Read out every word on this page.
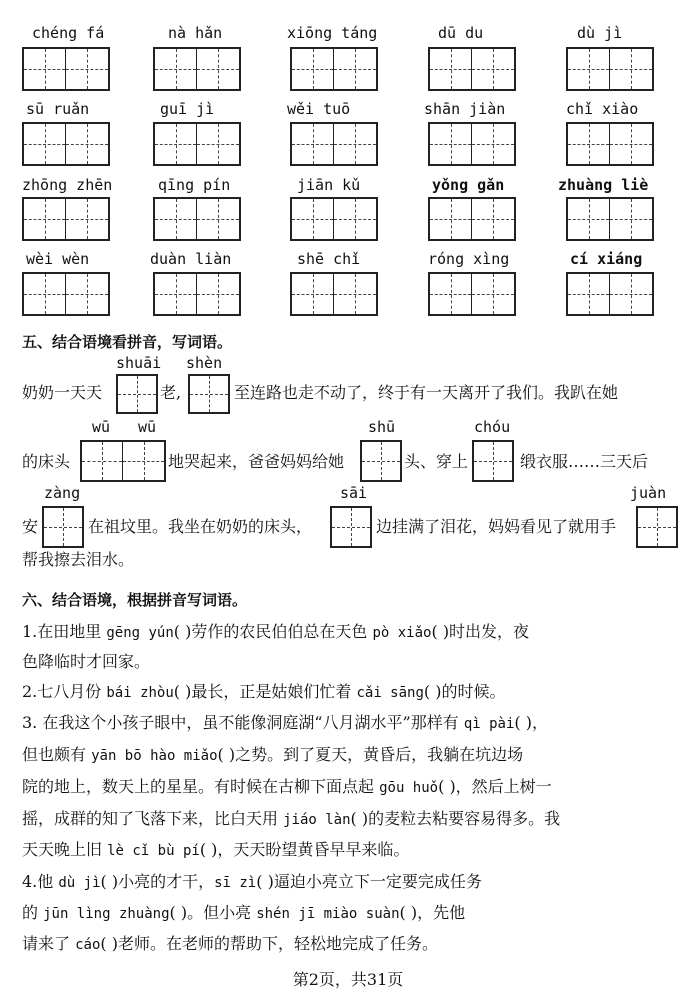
chéng fá	nà hǎn	xiōng táng	dū du	dù jì
sū ruǎn	guī jì	wěi tuō	shān jiàn	chǐ xiào
zhōng zhēn	qīng pín	jiān kǔ	yǒng gǎn	zhuàng liè
wèi wèn	duàn liàn	shē chǐ	róng xìng	cí xiáng
五、结合语境看拼音，写词语。
shuāi shèn
奶奶一天天	老,	至连路也走不动了，终于有一天离开了我们。我趴在她
wū wū	shū	chóu
的床头	地哭起来，爸爸妈妈给她	头、穿上	缎衣服……三天后
zàng	sāi	juàn
安	在祖坟里。我坐在奶奶的床头，	边挂满了泪花，妈妈看见了就用手
帮我擦去泪水。
六、结合语境，根据拼音写词语。
1.在田地里 gēng yún( )劳作的农民伯伯总在天色 pò xiǎo( )时出发，夜
色降临时才回家。
2.七八月份 bái zhòu( )最长，正是姑娘们忙着 cǎi sāng( )的时候。
3. 在我这个小孩子眼中，虽不能像洞庭湖“八月湖水平”那样有 qì pài( )，
但也颇有 yān bō hào miǎo( )之势。到了夏天，黄昏后，我躺在坑边场
院的地上，数天上的星星。有时候在古柳下面点起 gōu huǒ( )，然后上树一
摇，成群的知了飞落下来，比白天用 jiáo làn( )的麦粒去粘要容易得多。我
天天晚上旧 lè cǐ bù pí( )，天天盼望黄昏早早来临。
4.他 dù jì( )小亮的才干，sī zì( )逼迫小亮立下一定要完成任务
的 jūn lìng zhuàng( )。但小亮 shén jī miào suàn( )，先他
请来了 cáo( )老师。在老师的帮助下，轻松地完成了任务。
第2页，共31页
